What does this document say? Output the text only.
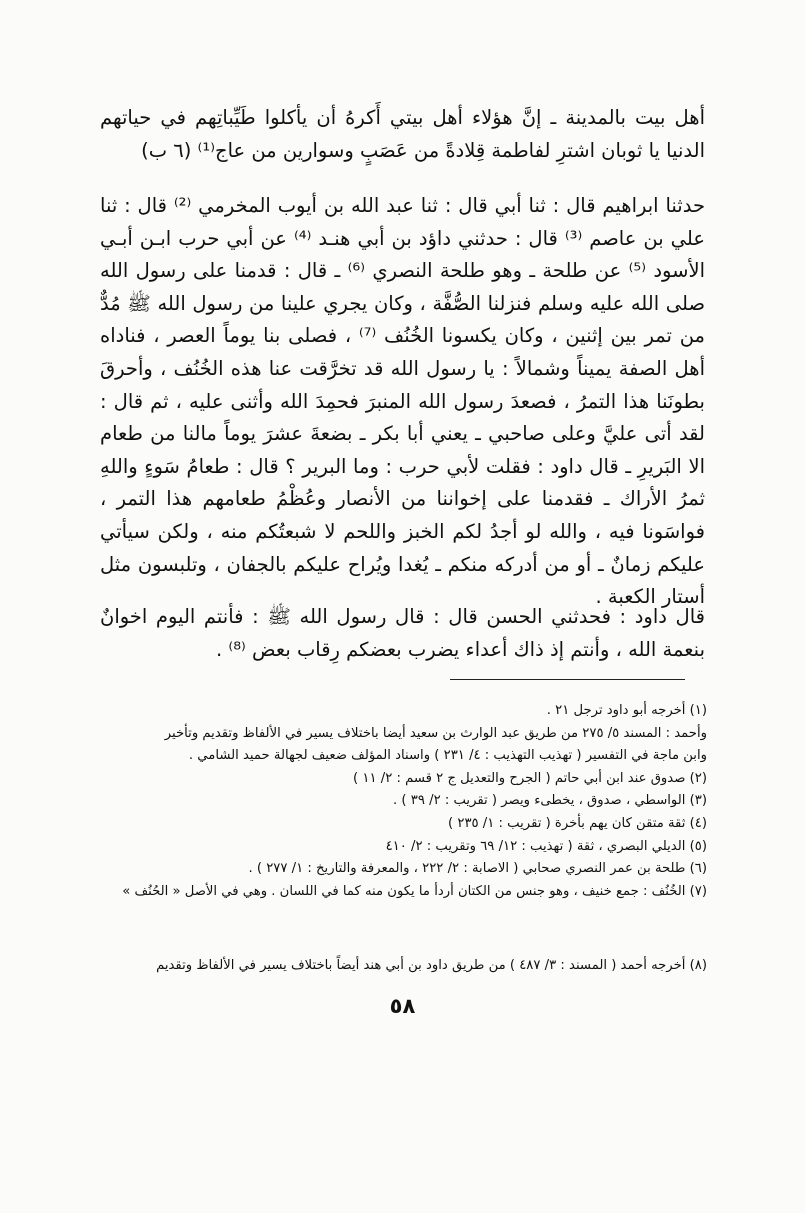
أهل بيت بالمدينة ـ إنَّ هؤلاء أهل بيتي أَكرهُ أن يأكلوا طَيِّباتِهم في حياتهم الدنيا يا ثوبان اشترِ لفاطمة قِلادةً من عَصَبٍ وسوارين من عاج⁽¹⁾ (٦ ب)

حدثنا ابراهيم قال : ثنا أبي قال : ثنا عبد الله بن أيوب المخرمي ⁽²⁾ قال : ثنا علي بن عاصم ⁽³⁾ قال : حدثني داؤد بن أبي هنـد ⁽⁴⁾ عن أبي حرب ابـن أبـي الأسود ⁽⁵⁾ عن طلحة ـ وهو طلحة النصري ⁽⁶⁾ ـ قال : قدمنا على رسول الله صلى الله عليه وسلم فنزلنا الصُّفَّة ، وكان يجري علينا من رسول الله ﷺ مُدٌّ من تمر بين إثنين ، وكان يكسونا الخُنُف ⁽⁷⁾ ، فصلى بنا يوماً العصر ، فناداه أهل الصفة يميناً وشمالاً : يا رسول الله قد تخرَّقت عنا هذه الخُنُف ، وأحرقَ بطونَنا هذا التمرُ ، فصعدَ رسول الله المنبرَ فحمِدَ الله وأثنى عليه ، ثم قال : لقد أتى عليَّ وعلى صاحبي ـ يعني أبا بكر ـ بضعةَ عشرَ يوماً مالنا من طعام الا البَريرِ ـ قال داود : فقلت لأبي حرب : وما البرير ؟ قال : طعامُ سَوءٍ واللهِ ثمرُ الأراك ـ فقدمنا على إخواننا من الأنصار وعُظْمُ طعامهم هذا التمر ، فواسَونا فيه ، والله لو أجدُ لكم الخبز واللحم لا شبعتُكم منه ، ولكن سيأتي عليكم زمانٌ ـ أو من أدركه منكم ـ يُغدا ويُراح عليكم بالجفان ، وتلبسون مثل أستار الكعبة .

قال داود : فحدثني الحسن قال : قال رسول الله ﷺ : فأنتم اليوم اخوانٌ بنعمة الله ، وأنتم إذ ذاك أعداء يضرب بعضكم رِقاب بعض ⁽⁸⁾ .

(١) أخرجه أبو داود ترجل ٢١ .

وأحمد : المسند ٥/ ٢٧٥ من طريق عبد الوارث بن سعيد أيضا باختلاف يسير في الألفاظ وتقديم وتأخير

وابن ماجة في التفسير ( تهذيب التهذيب : ٤/ ٢٣١ ) واسناد المؤلف ضعيف لجهالة حميد الشامي .

(٢) صدوق عند ابن أبي حاتم ( الجرح والتعديل ج ٢ قسم : ٢/ ١١ )

(٣) الواسطي ، صدوق ، يخطىء ويصر ( تقريب : ٢/ ٣٩ ) .

(٤) ثقة متقن كان يهم بأخرة ( تقريب : ١/ ٢٣٥ )

(٥) الديلي البصري ، ثقة ( تهذيب : ١٢/ ٦٩ وتقريب : ٢/ ٤١٠

(٦) طلحة بن عمر النصري صحابي ( الاصابة : ٢/ ٢٢٢ ، والمعرفة والتاريخ : ١/ ٢٧٧ ) .

(٧) الخُنُف : جمع خنيف ، وهو جنس من الكتان أردأ ما يكون منه كما في اللسان . وهي في الأصل « الحُنُف »

(٨) أخرجه أحمد ( المسند : ٣/ ٤٨٧ ) من طريق داود بن أبي هند أيضاً باختلاف يسير في الألفاظ وتقديم

٥٨
